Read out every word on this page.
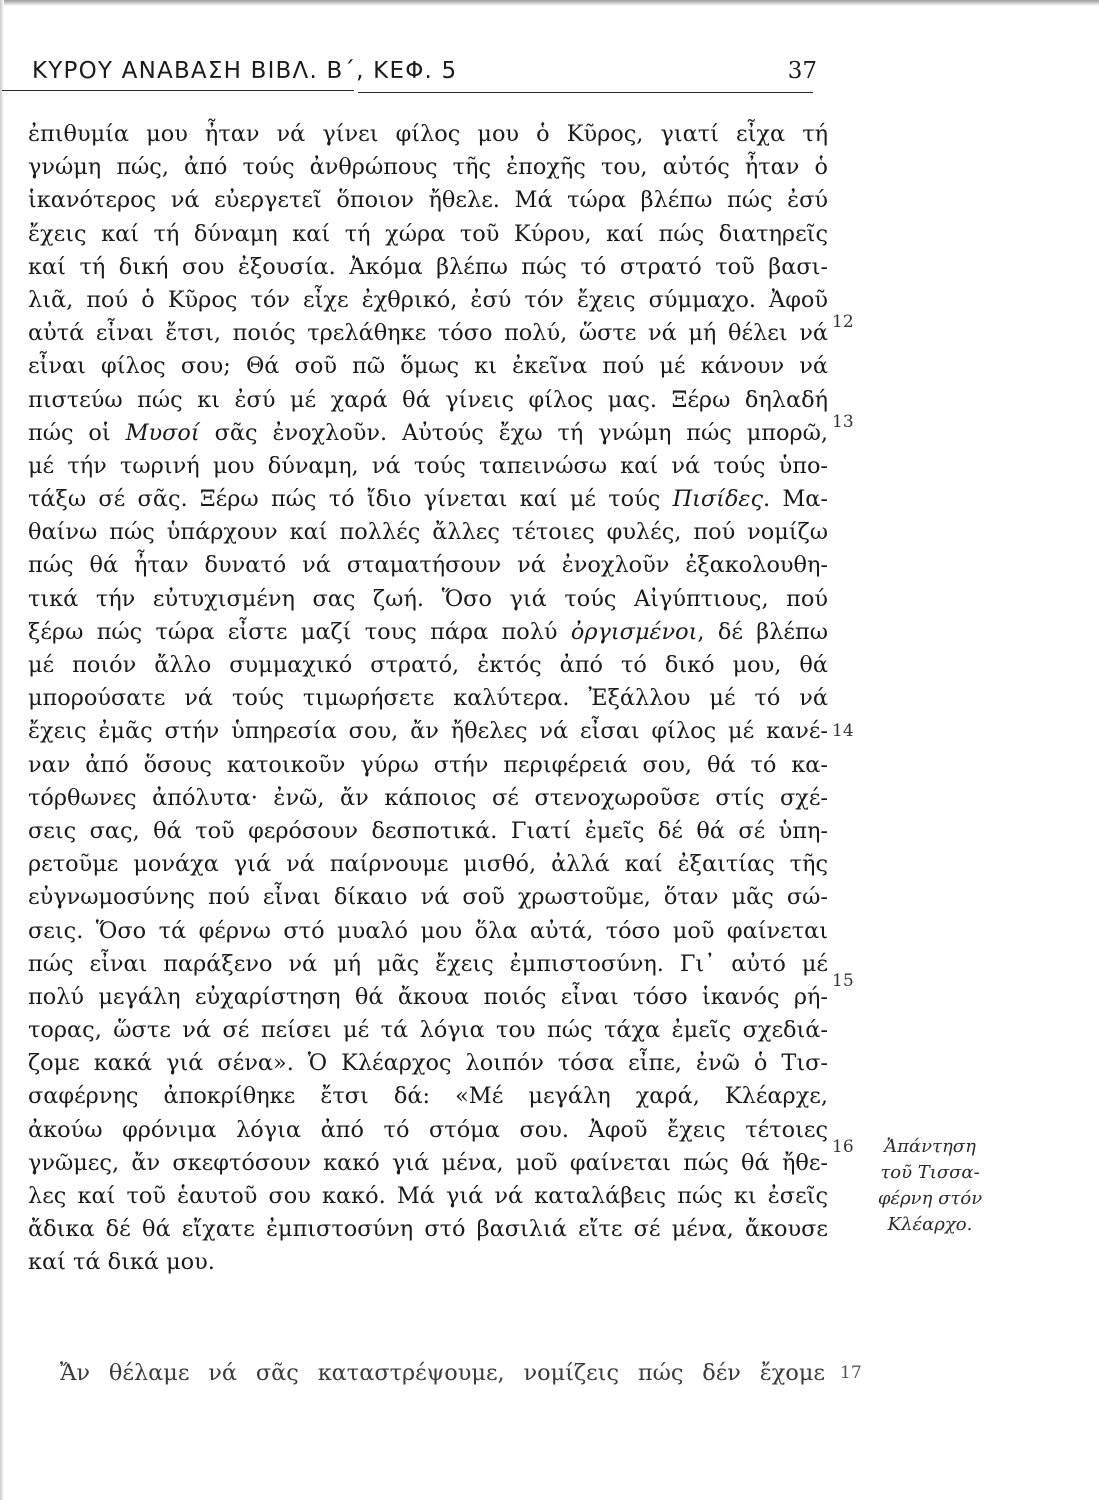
ΚΥΡΟΥ ΑΝΑΒΑΣΗ ΒΙΒΛ. Β΄, ΚΕΦ. 5	37
ἐπιθυμία μου ἦταν νά γίνει φίλος μου ὁ Κῦρος, γιατί εἶχα τή
γνώμη πώς, ἀπό τούς ἀνθρώπους τῆς ἐποχῆς του, αὐτός ἦταν ὁ
ἱκανότερος νά εὐεργετεῖ ὅποιον ἤθελε. Μά τώρα βλέπω πώς ἐσύ
ἔχεις καί τή δύναμη καί τή χώρα τοῦ Κύρου, καί πώς διατηρεῖς
καί τή δική σου ἐξουσία. Ἀκόμα βλέπω πώς τό στρατό τοῦ βασι-
λιᾶ, πού ὁ Κῦρος τόν εἶχε ἐχθρικό, ἐσύ τόν ἔχεις σύμμαχο. Ἀφοῦ
αὐτά εἶναι ἔτσι, ποιός τρελάθηκε τόσο πολύ, ὥστε νά μή θέλει νά
εἶναι φίλος σου; Θά σοῦ πῶ ὅμως κι ἐκεῖνα πού μέ κάνουν νά
πιστεύω πώς κι ἐσύ μέ χαρά θά γίνεις φίλος μας. Ξέρω δηλαδή
πώς οἱ Μυσοί σᾶς ἐνοχλοῦν. Αὐτούς ἔχω τή γνώμη πώς μπορῶ,
μέ τήν τωρινή μου δύναμη, νά τούς ταπεινώσω καί νά τούς ὑπο-
τάξω σέ σᾶς. Ξέρω πώς τό ἴδιο γίνεται καί μέ τούς Πισίδες. Μα-
θαίνω πώς ὑπάρχουν καί πολλές ἄλλες τέτοιες φυλές, πού νομίζω
πώς θά ἦταν δυνατό νά σταματήσουν νά ἐνοχλοῦν ἐξακολουθη-
τικά τήν εὐτυχισμένη σας ζωή. Ὅσο γιά τούς Αἰγύπτιους, πού
ξέρω πώς τώρα εἶστε μαζί τους πάρα πολύ ὀργισμένοι, δέ βλέπω
μέ ποιόν ἄλλο συμμαχικό στρατό, ἐκτός ἀπό τό δικό μου, θά
μπορούσατε νά τούς τιμωρήσετε καλύτερα. Ἐξάλλου μέ τό νά
ἔχεις ἐμᾶς στήν ὑπηρεσία σου, ἄν ἤθελες νά εἶσαι φίλος μέ κανέ-
ναν ἀπό ὅσους κατοικοῦν γύρω στήν περιφέρειά σου, θά τό κα-
τόρθωνες ἀπόλυτα· ἐνῶ, ἄν κάποιος σέ στενοχωροῦσε στίς σχέ-
σεις σας, θά τοῦ φερόσουν δεσποτικά. Γιατί ἐμεῖς δέ θά σέ ὑπη-
ρετοῦμε μονάχα γιά νά παίρνουμε μισθό, ἀλλά καί ἐξαιτίας τῆς
εὐγνωμοσύνης πού εἶναι δίκαιο νά σοῦ χρωστοῦμε, ὅταν μᾶς σώ-
σεις. Ὅσο τά φέρνω στό μυαλό μου ὅλα αὐτά, τόσο μοῦ φαίνεται
πώς εἶναι παράξενο νά μή μᾶς ἔχεις ἐμπιστοσύνη. Γι᾿ αὐτό μέ
πολύ μεγάλη εὐχαρίστηση θά ἄκουα ποιός εἶναι τόσο ἱκανός ρή-
τορας, ὥστε νά σέ πείσει μέ τά λόγια του πώς τάχα ἐμεῖς σχεδιά-
ζομε κακά γιά σένα». Ὁ Κλέαρχος λοιπόν τόσα εἶπε, ἐνῶ ὁ Τισ-
σαφέρνης ἀποκρίθηκε ἔτσι δά: «Μέ μεγάλη χαρά, Κλέαρχε,
ἀκούω φρόνιμα λόγια ἀπό τό στόμα σου. Ἀφοῦ ἔχεις τέτοιες
γνῶμες, ἄν σκεφτόσουν κακό γιά μένα, μοῦ φαίνεται πώς θά ἤθε-
λες καί τοῦ ἑαυτοῦ σου κακό. Μά γιά νά καταλάβεις πώς κι ἐσεῖς
ἄδικα δέ θά εἴχατε ἐμπιστοσύνη στό βασιλιά εἴτε σέ μένα, ἄκουσε
καί τά δικά μου.
12
13
14
15
16	Ἀπάντηση
τοῦ Τισσα-
φέρνη στόν
Κλέαρχο.
Ἄν θέλαμε νά σᾶς καταστρέψουμε, νομίζεις πώς δέν ἔχομε 17
